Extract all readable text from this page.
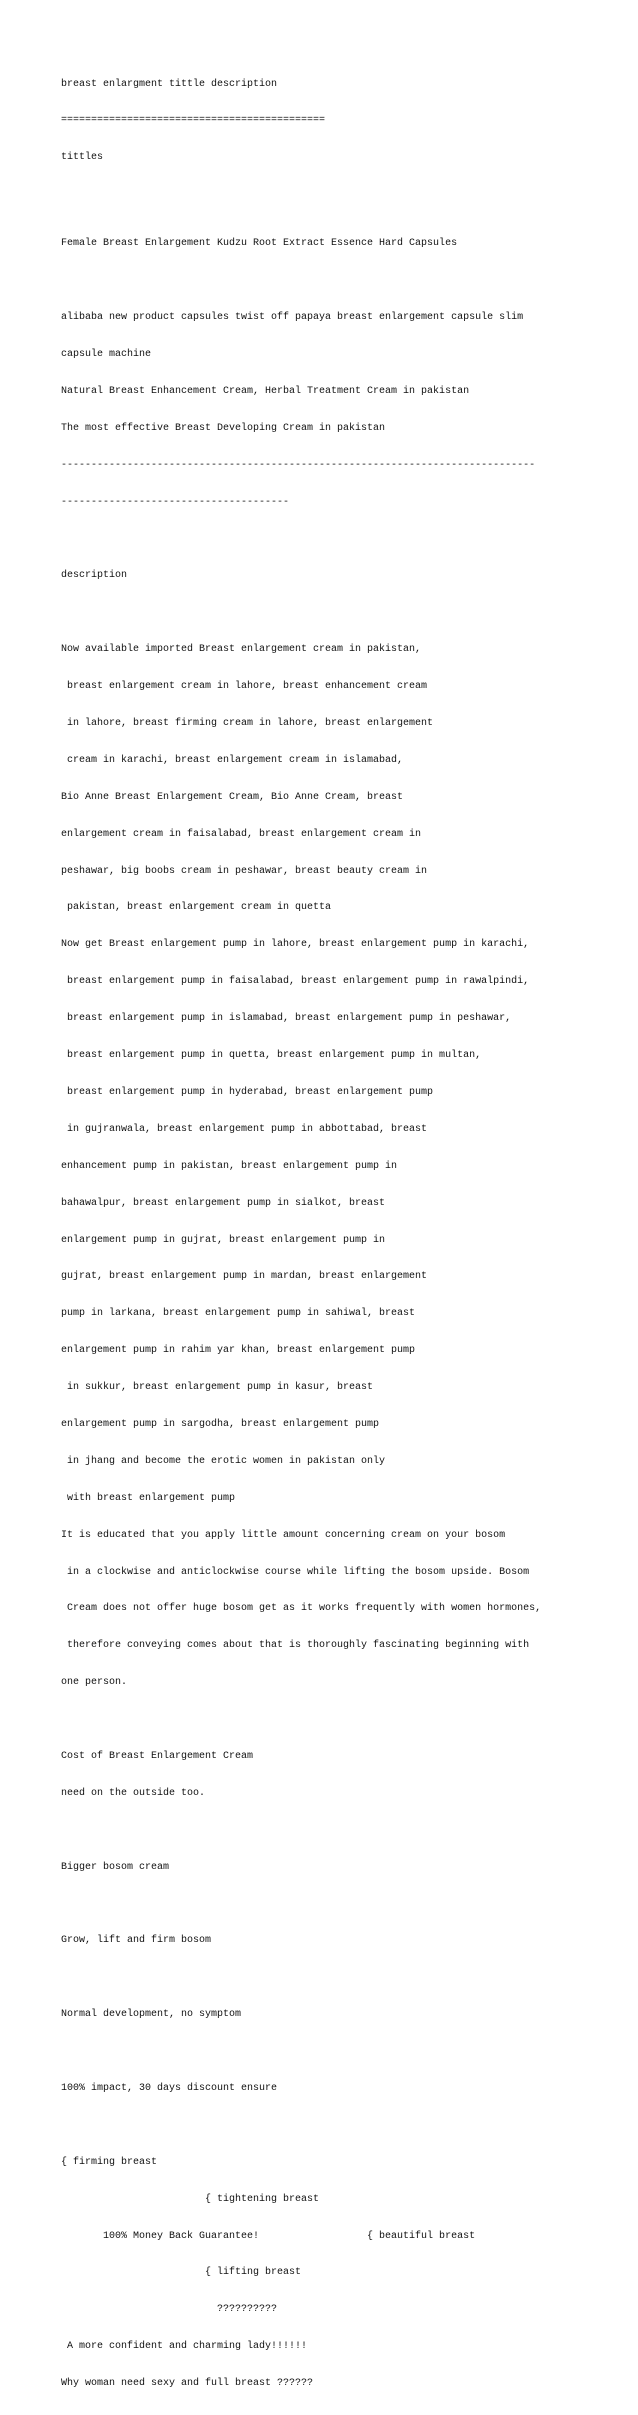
breast enlargment tittle description

============================================

tittles

Female Breast Enlargement Kudzu Root Extract Essence Hard Capsules

alibaba new product capsules twist off papaya breast enlargement capsule slim

capsule machine

Natural Breast Enhancement Cream, Herbal Treatment Cream in pakistan

The most effective Breast Developing Cream in pakistan

-------------------------------------------------------------------------------

--------------------------------------

description

Now available imported Breast enlargement cream in pakistan,

breast enlargement cream in lahore, breast enhancement cream

in lahore, breast firming cream in lahore, breast enlargement

cream in karachi, breast enlargement cream in islamabad,

Bio Anne Breast Enlargement Cream, Bio Anne Cream, breast

enlargement cream in faisalabad, breast enlargement cream in

peshawar, big boobs cream in peshawar, breast beauty cream in

pakistan, breast enlargement cream in quetta

Now get Breast enlargement pump in lahore, breast enlargement pump in karachi,

breast enlargement pump in faisalabad, breast enlargement pump in rawalpindi,

breast enlargement pump in islamabad, breast enlargement pump in peshawar,

breast enlargement pump in quetta, breast enlargement pump in multan,

breast enlargement pump in hyderabad, breast enlargement pump

in gujranwala, breast enlargement pump in abbottabad, breast

enhancement pump in pakistan, breast enlargement pump in

bahawalpur, breast enlargement pump in sialkot, breast

enlargement pump in gujrat, breast enlargement pump in

gujrat, breast enlargement pump in mardan, breast enlargement

pump in larkana, breast enlargement pump in sahiwal, breast

enlargement pump in rahim yar khan, breast enlargement pump

in sukkur, breast enlargement pump in kasur, breast

enlargement pump in sargodha, breast enlargement pump

in jhang and become the erotic women in pakistan only

with breast enlargement pump

It is educated that you apply little amount concerning cream on your bosom

in a clockwise and anticlockwise course while lifting the bosom upside. Bosom

Cream does not offer huge bosom get as it works frequently with women hormones,

therefore conveying comes about that is thoroughly fascinating beginning with

one person.

Cost of Breast Enlargement Cream

need on the outside too.

Bigger bosom cream

Grow, lift and firm bosom

Normal development, no symptom

100% impact, 30 days discount ensure

{ firming breast

{ tightening breast

100% Money Back Guarantee!                  { beautiful breast

{ lifting breast

??????????

A more confident and charming lady!!!!!!

Why woman need sexy and full breast ??????
